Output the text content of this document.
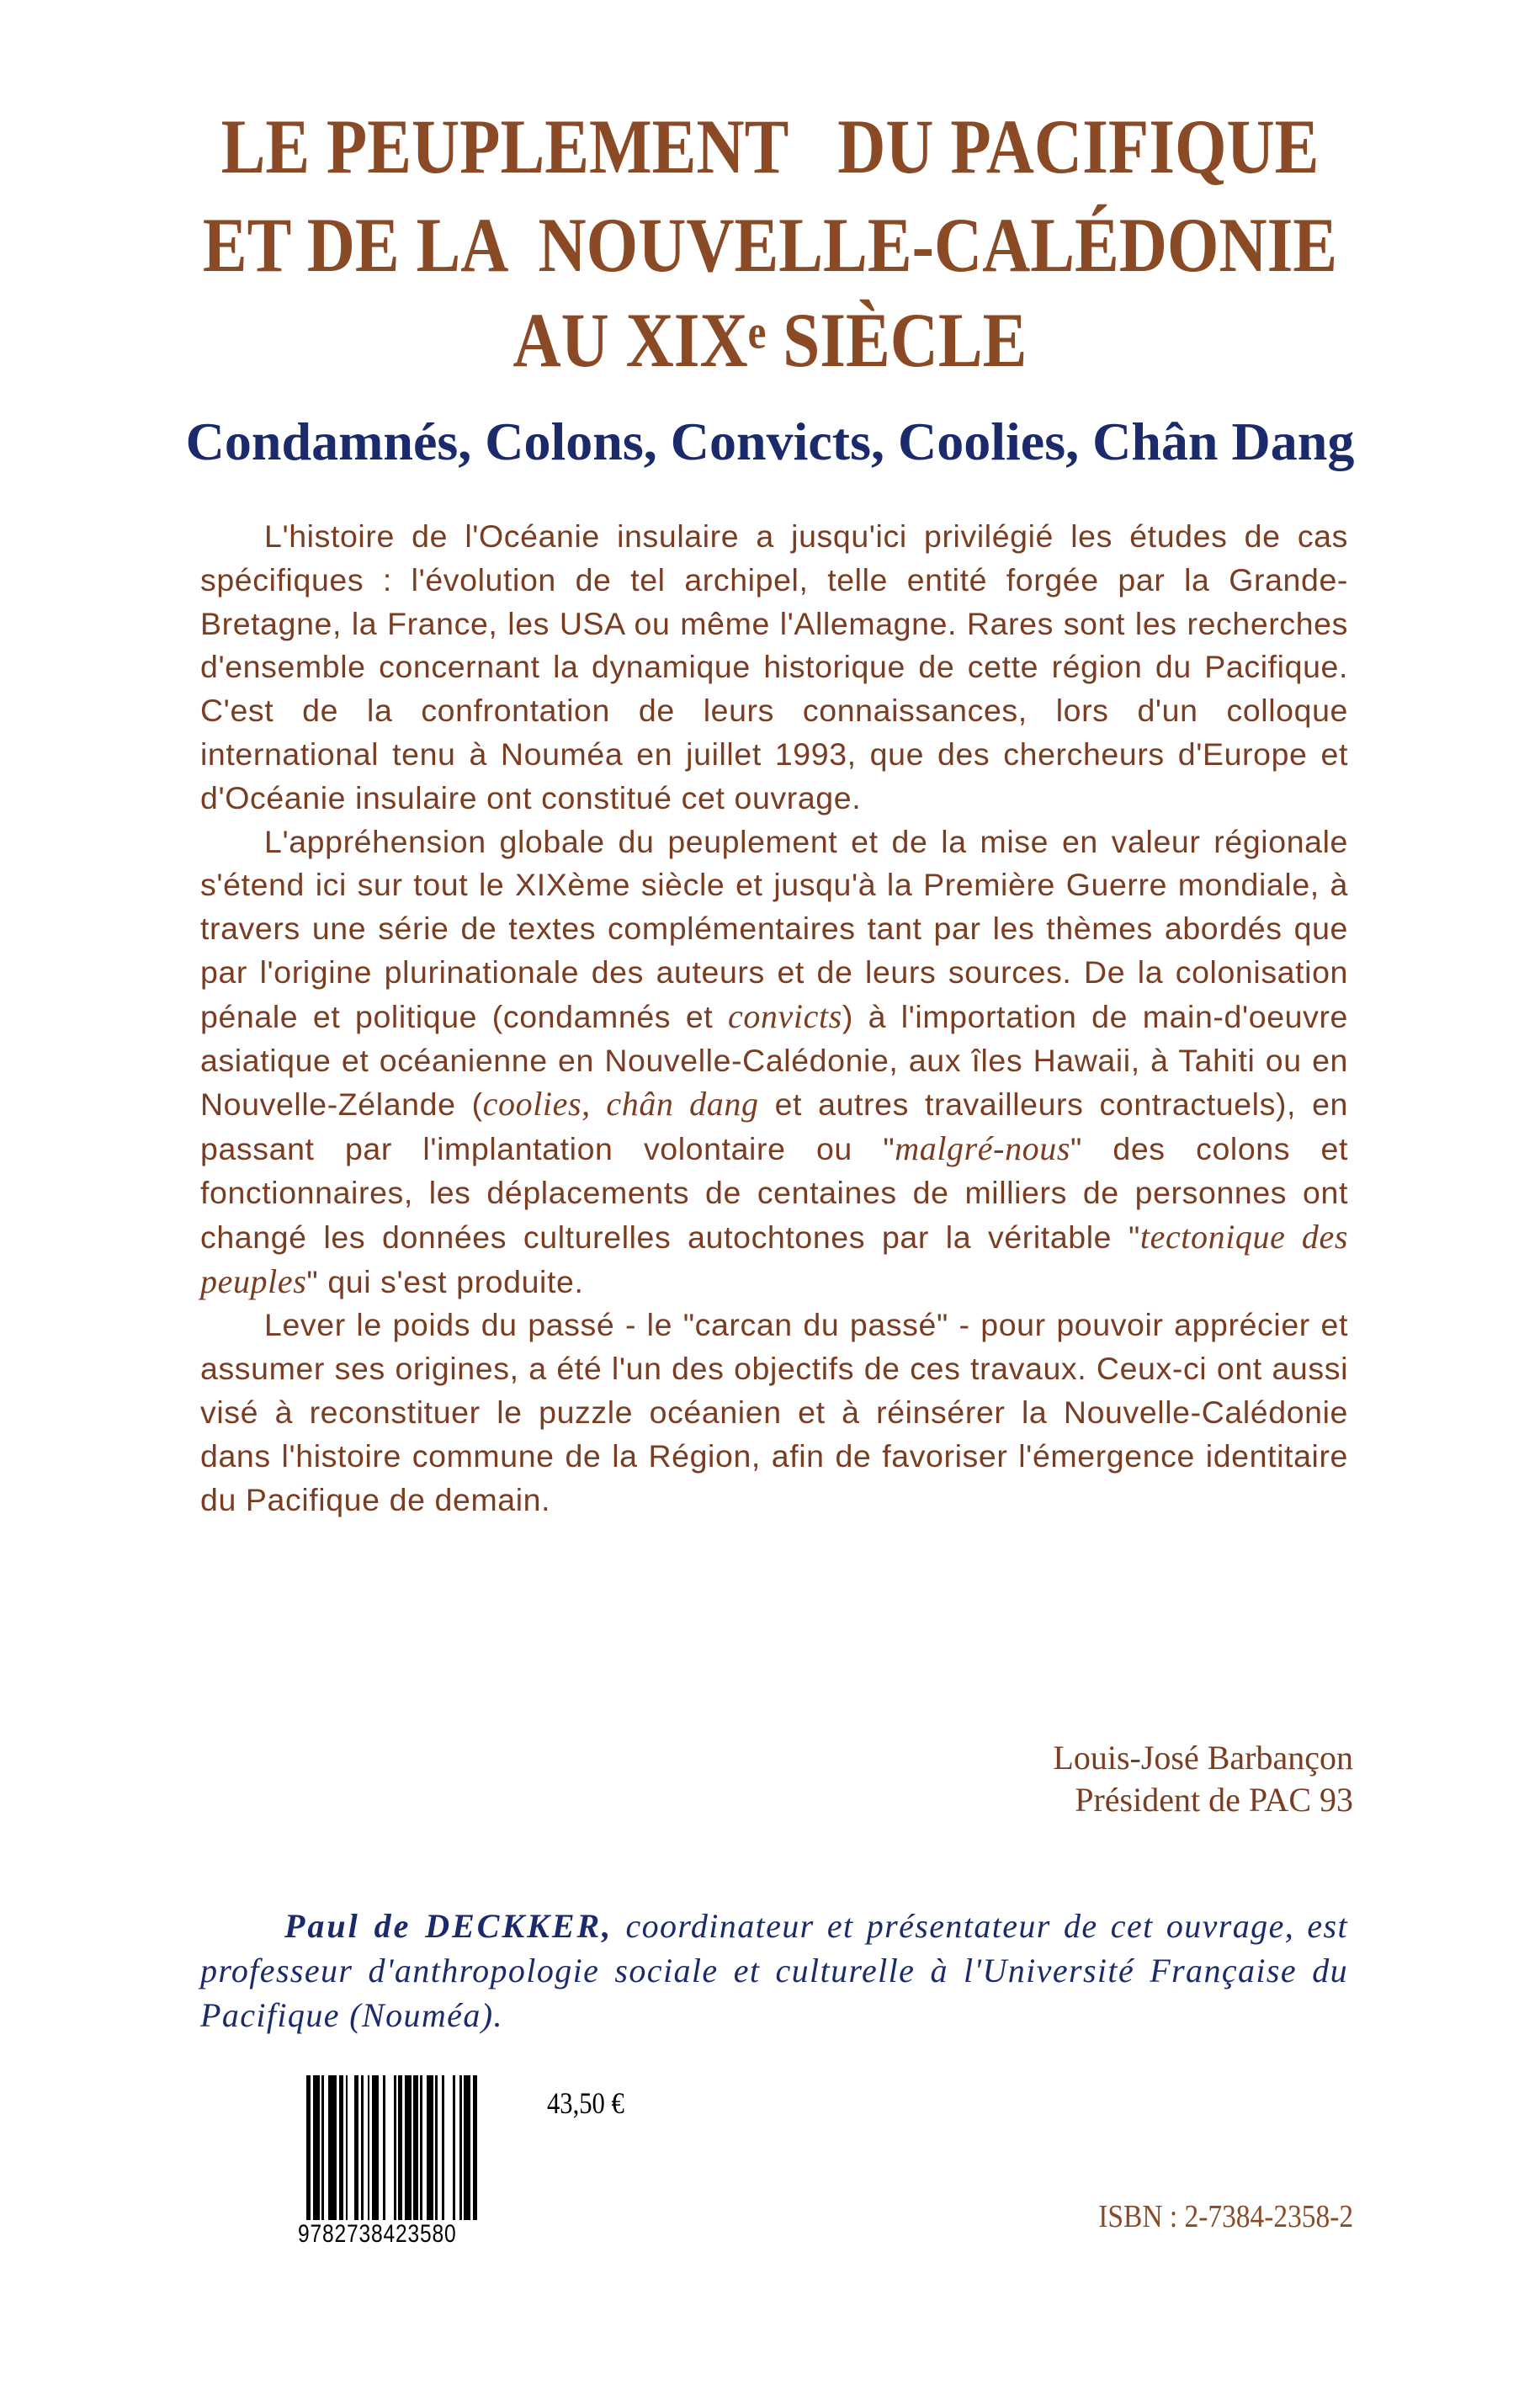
LE PEUPLEMENT   DU PACIFIQUE
ET DE LA  NOUVELLE-CALÉDONIE
AU XIXe SIÈCLE
Condamnés, Colons, Convicts, Coolies, Chân Dang

L'histoire de l'Océanie insulaire a jusqu'ici privilégié les études de cas spécifiques : l'évolution de tel archipel, telle entité forgée par la Grande-Bretagne, la France, les USA ou même l'Allemagne. Rares sont les recherches d'ensemble concernant la dynamique historique de cette région du Pacifique. C'est de la confrontation de leurs connaissances, lors d'un colloque international tenu à Nouméa en juillet 1993, que des chercheurs d'Europe et d'Océanie insulaire ont constitué cet ouvrage.

L'appréhension globale du peuplement et de la mise en valeur régionale s'étend ici sur tout le XIXème siècle et jusqu'à la Première Guerre mondiale, à travers une série de textes complémentaires tant par les thèmes abordés que par l'origine plurinationale des auteurs et de leurs sources. De la colonisation pénale et politique (condamnés et convicts) à l'importation de main-d'oeuvre asiatique et océanienne en Nouvelle-Calédonie, aux îles Hawaii, à Tahiti ou en Nouvelle-Zélande (coolies, chân dang et autres travailleurs contractuels), en passant par l'implantation volontaire ou "malgré-nous" des colons et fonctionnaires, les déplacements de centaines de milliers de personnes ont changé les données culturelles autochtones par la véritable "tectonique des peuples" qui s'est produite.

Lever le poids du passé - le "carcan du passé" - pour pouvoir apprécier et assumer ses origines, a été l'un des objectifs de ces travaux. Ceux-ci ont aussi visé à reconstituer le puzzle océanien et à réinsérer la Nouvelle-Calédonie dans l'histoire commune de la Région, afin de favoriser l'émergence identitaire du Pacifique de demain.

Louis-José Barbançon
Président de PAC 93
Paul de DECKKER, coordinateur et présentateur de cet ouvrage, est professeur d'anthropologie sociale et culturelle à l'Université Française du Pacifique (Nouméa).
9782738423580
43,50 €
ISBN : 2-7384-2358-2
